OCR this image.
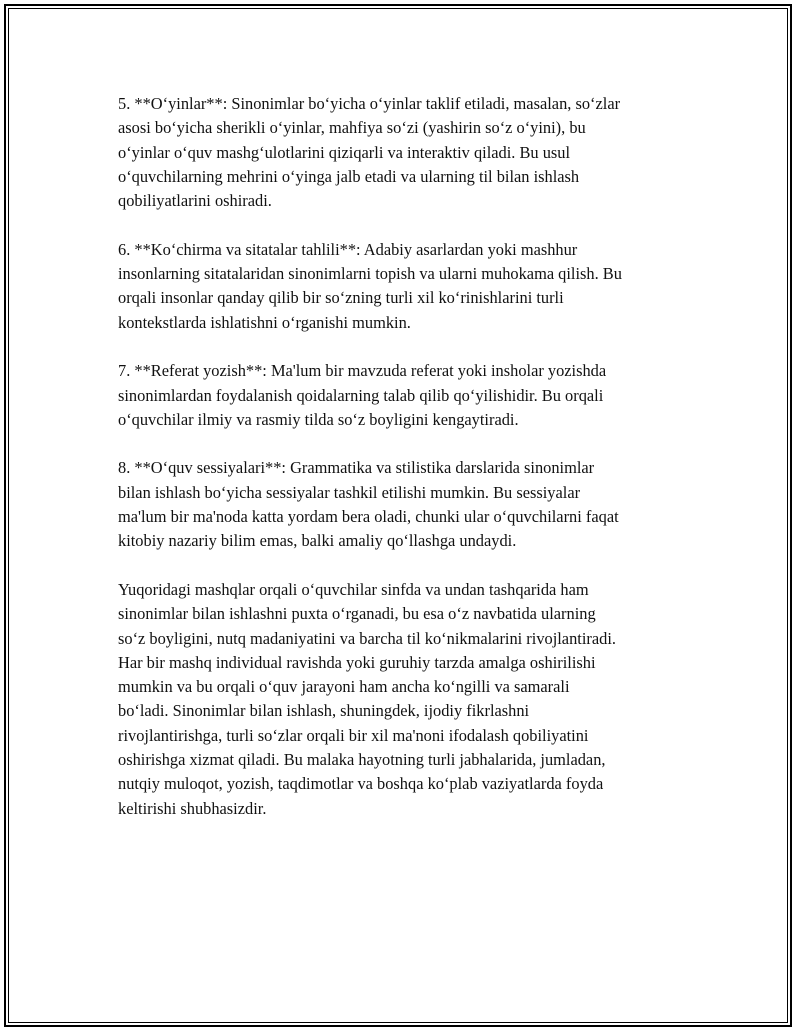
5. **O‘yinlar**: Sinonimlar bo‘yicha o‘yinlar taklif etiladi, masalan, so‘zlar
asosi bo‘yicha sherikli o‘yinlar, mahfiya so‘zi (yashirin so‘z o‘yini), bu
o‘yinlar o‘quv mashg‘ulotlarini qiziqarli va interaktiv qiladi. Bu usul
o‘quvchilarning mehrini o‘yinga jalb etadi va ularning til bilan ishlash
qobiliyatlarini oshiradi.

6. **Ko‘chirma va sitatalar tahlili**: Adabiy asarlardan yoki mashhur
insonlarning sitatalaridan sinonimlarni topish va ularni muhokama qilish. Bu
orqali insonlar qanday qilib bir so‘zning turli xil ko‘rinishlarini turli
kontekstlarda ishlatishni o‘rganishi mumkin.

7. **Referat yozish**: Ma'lum bir mavzuda referat yoki insholar yozishda
sinonimlardan foydalanish qoidalarning talab qilib qo‘yilishidir. Bu orqali
o‘quvchilar ilmiy va rasmiy tilda so‘z boyligini kengaytiradi.

8. **O‘quv sessiyalari**: Grammatika va stilistika darslarida sinonimlar
bilan ishlash bo‘yicha sessiyalar tashkil etilishi mumkin. Bu sessiyalar
ma'lum bir ma'noda katta yordam bera oladi, chunki ular o‘quvchilarni faqat
kitobiy nazariy bilim emas, balki amaliy qo‘llashga undaydi.

Yuqoridagi mashqlar orqali o‘quvchilar sinfda va undan tashqarida ham
sinonimlar bilan ishlashni puxta o‘rganadi, bu esa o‘z navbatida ularning
so‘z boyligini, nutq madaniyatini va barcha til ko‘nikmalarini rivojlantiradi.
Har bir mashq individual ravishda yoki guruhiy tarzda amalga oshirilishi
mumkin va bu orqali o‘quv jarayoni ham ancha ko‘ngilli va samarali
bo‘ladi. Sinonimlar bilan ishlash, shuningdek, ijodiy fikrlashni
rivojlantirishga, turli so‘zlar orqali bir xil ma'noni ifodalash qobiliyatini
oshirishga xizmat qiladi. Bu malaka hayotning turli jabhalarida, jumladan,
nutqiy muloqot, yozish, taqdimotlar va boshqa ko‘plab vaziyatlarda foyda
keltirishi shubhasizdir.
